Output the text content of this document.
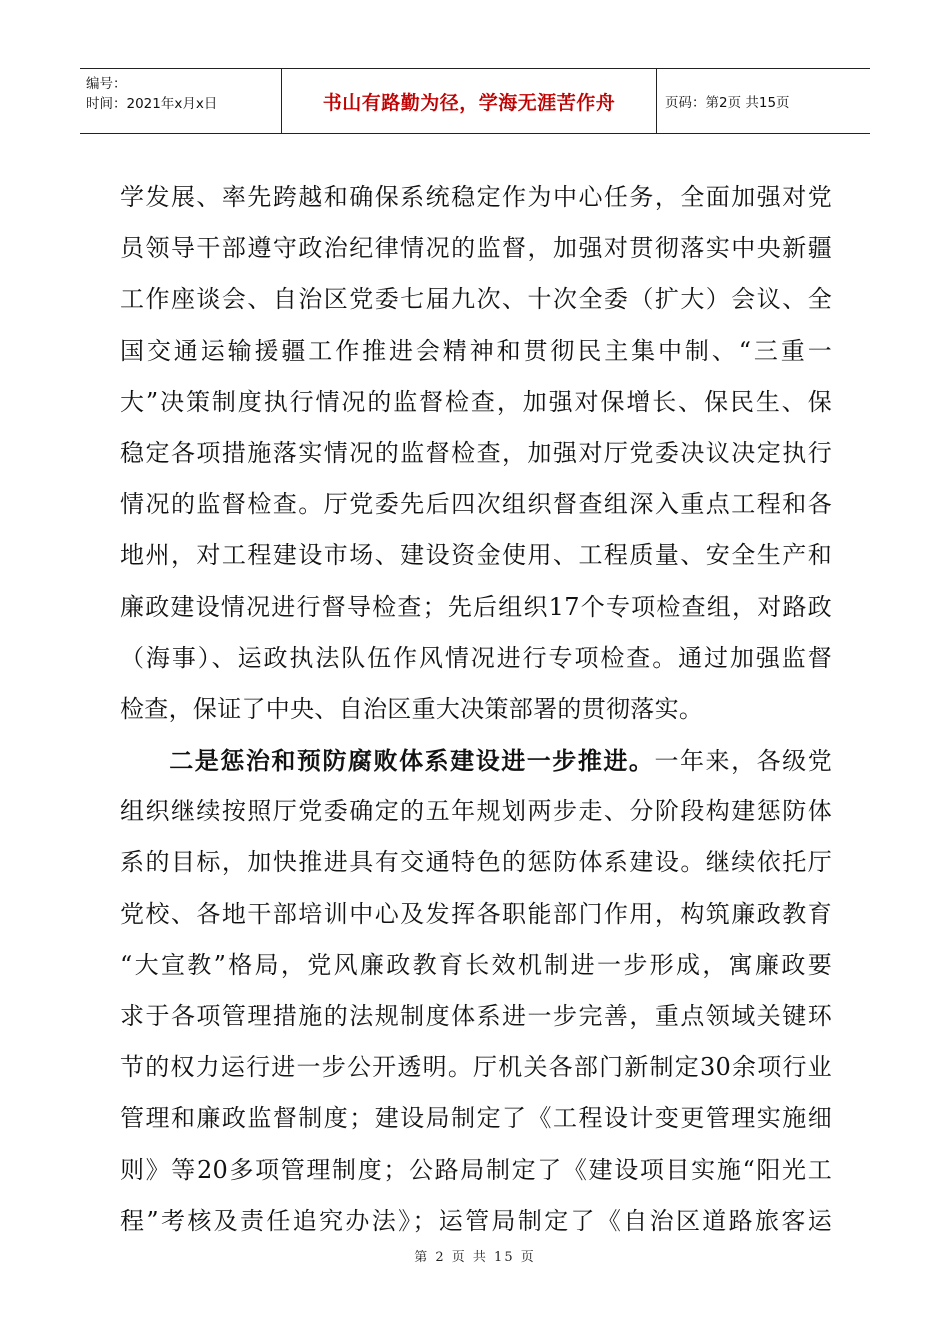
编号：
时间：2021年x月x日	书山有路勤为径，学海无涯苦作舟	页码：第2页 共15页
学发展、率先跨越和确保系统稳定作为中心任务，全面加强对党
员领导干部遵守政治纪律情况的监督，加强对贯彻落实中央新疆
工作座谈会、自治区党委七届九次、十次全委（扩大）会议、全
国交通运输援疆工作推进会精神和贯彻民主集中制、“三重一
大”决策制度执行情况的监督检查，加强对保增长、保民生、保
稳定各项措施落实情况的监督检查，加强对厅党委决议决定执行
情况的监督检查。厅党委先后四次组织督查组深入重点工程和各
地州，对工程建设市场、建设资金使用、工程质量、安全生产和
廉政建设情况进行督导检查；先后组织17个专项检查组，对路政
（海事）、运政执法队伍作风情况进行专项检查。通过加强监督
检查，保证了中央、自治区重大决策部署的贯彻落实。
二是惩治和预防腐败体系建设进一步推进。一年来，各级党
组织继续按照厅党委确定的五年规划两步走、分阶段构建惩防体
系的目标，加快推进具有交通特色的惩防体系建设。继续依托厅
党校、各地干部培训中心及发挥各职能部门作用，构筑廉政教育
“大宣教”格局，党风廉政教育长效机制进一步形成，寓廉政要
求于各项管理措施的法规制度体系进一步完善，重点领域关键环
节的权力运行进一步公开透明。厅机关各部门新制定30余项行业
管理和廉政监督制度；建设局制定了《工程设计变更管理实施细
则》等20多项管理制度；公路局制定了《建设项目实施“阳光工
程”考核及责任追究办法》；运管局制定了《自治区道路旅客运
第 2 页 共 15 页
